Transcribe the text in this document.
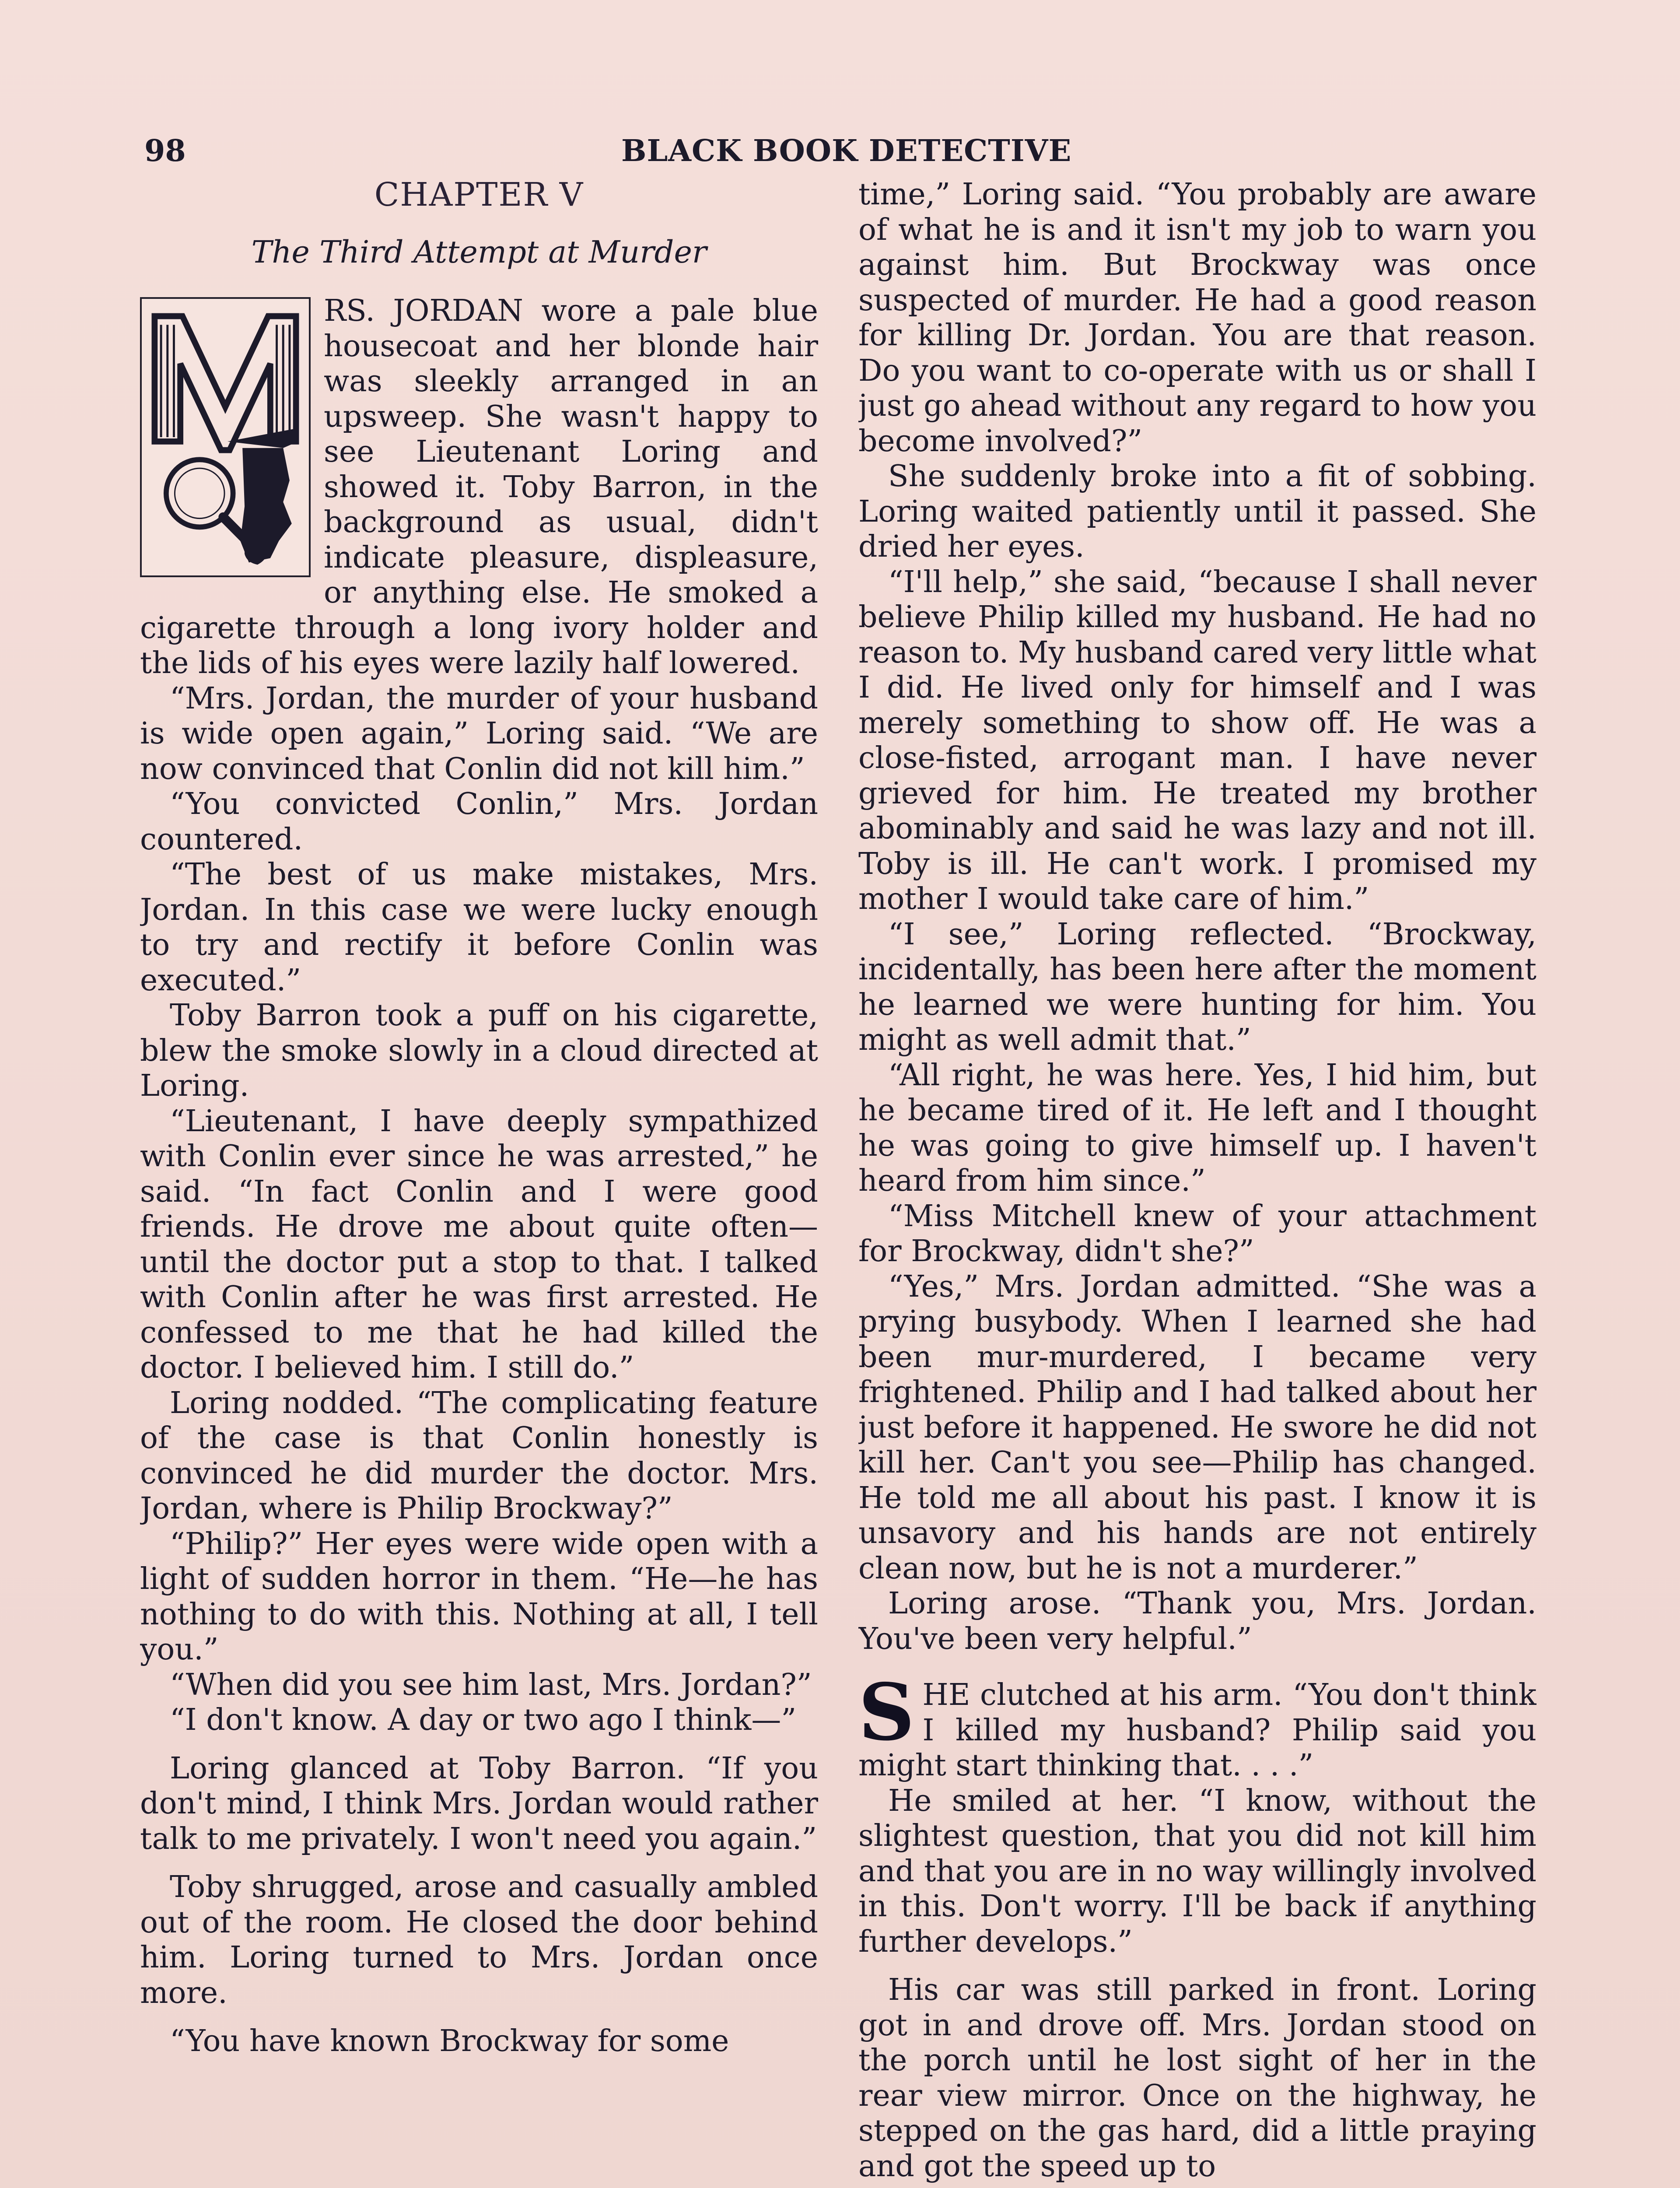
98	BLACK BOOK DETECTIVE
CHAPTER V
The Third Attempt at Murder

RS. JORDAN wore a pale blue housecoat and her blonde hair was sleekly arranged in an upsweep. She wasn't happy to see Lieutenant Loring and showed it. Toby Barron, in the background as usual, didn't indicate pleasure, displeasure, or anything else. He smoked a cigarette through a long ivory holder and the lids of his eyes were lazily half lowered.

“Mrs. Jordan, the murder of your husband is wide open again,” Loring said. “We are now convinced that Conlin did not kill him.”

“You convicted Conlin,” Mrs. Jordan countered.

“The best of us make mistakes, Mrs. Jordan. In this case we were lucky enough to try and rectify it before Conlin was executed.”

Toby Barron took a puff on his cigarette, blew the smoke slowly in a cloud directed at Loring.

“Lieutenant, I have deeply sympathized with Conlin ever since he was arrested,” he said. “In fact Conlin and I were good friends. He drove me about quite often—until the doctor put a stop to that. I talked with Conlin after he was first arrested. He confessed to me that he had killed the doctor. I believed him. I still do.”

Loring nodded. “The complicating feature of the case is that Conlin honestly is convinced he did murder the doctor. Mrs. Jordan, where is Philip Brockway?”

“Philip?” Her eyes were wide open with a light of sudden horror in them. “He—he has nothing to do with this. Nothing at all, I tell you.”

“When did you see him last, Mrs. Jordan?”

“I don't know. A day or two ago I think—”

Loring glanced at Toby Barron. “If you don't mind, I think Mrs. Jordan would rather talk to me privately. I won't need you again.”

Toby shrugged, arose and casually ambled out of the room. He closed the door behind him. Loring turned to Mrs. Jordan once more.

“You have known Brockway for some

time,” Loring said. “You probably are aware of what he is and it isn't my job to warn you against him. But Brockway was once suspected of murder. He had a good reason for killing Dr. Jordan. You are that reason. Do you want to co-operate with us or shall I just go ahead without any regard to how you become involved?”

She suddenly broke into a fit of sobbing. Loring waited patiently until it passed. She dried her eyes.

“I'll help,” she said, “because I shall never believe Philip killed my husband. He had no reason to. My husband cared very little what I did. He lived only for himself and I was merely something to show off. He was a close-fisted, arrogant man. I have never grieved for him. He treated my brother abominably and said he was lazy and not ill. Toby is ill. He can't work. I promised my mother I would take care of him.”

“I see,” Loring reflected. “Brockway, incidentally, has been here after the moment he learned we were hunting for him. You might as well admit that.”

“All right, he was here. Yes, I hid him, but he became tired of it. He left and I thought he was going to give himself up. I haven't heard from him since.”

“Miss Mitchell knew of your attachment for Brockway, didn't she?”

“Yes,” Mrs. Jordan admitted. “She was a prying busybody. When I learned she had been mur-murdered, I became very frightened. Philip and I had talked about her just before it happened. He swore he did not kill her. Can't you see—Philip has changed. He told me all about his past. I know it is unsavory and his hands are not entirely clean now, but he is not a murderer.”

Loring arose. “Thank you, Mrs. Jordan. You've been very helpful.”

SHE clutched at his arm. “You don't think I killed my husband? Philip said you might start thinking that. . . .”

He smiled at her. “I know, without the slightest question, that you did not kill him and that you are in no way willingly involved in this. Don't worry. I'll be back if anything further develops.”

His car was still parked in front. Loring got in and drove off. Mrs. Jordan stood on the porch until he lost sight of her in the rear view mirror. Once on the highway, he stepped on the gas hard, did a little praying and got the speed up to
